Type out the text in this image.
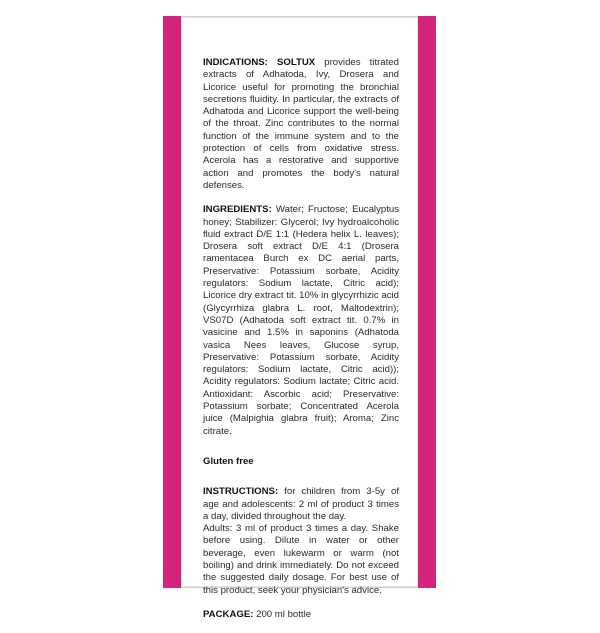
INDICATIONS: SOLTUX provides titrated extracts of Adhatoda, Ivy, Drosera and Licorice useful for promoting the bronchial secretions fluidity. In particular, the extracts of Adhatoda and Licorice support the well-being of the throat. Zinc contributes to the normal function of the immune system and to the protection of cells from oxidative stress. Acerola has a restorative and supportive action and promotes the body's natural defenses.

INGREDIENTS: Water; Fructose; Eucalyptus honey; Stabilizer: Glycerol; Ivy hydroalcoholic fluid extract D/E 1:1 (Hedera helix L. leaves); Drosera soft extract D/E 4:1 (Drosera ramentacea Burch ex DC aerial parts, Preservative: Potassium sorbate, Acidity regulators: Sodium lactate, Citric acid); Licorice dry extract tit. 10% in glycyrrhizic acid (Glycyrrhiza glabra L. root, Maltodextrin); VS07D (Adhatoda soft extract tit. 0.7% in vasicine and 1.5% in saponins (Adhatoda vasica Nees leaves, Glucose syrup, Preservative: Potassium sorbate, Acidity regulators: Sodium lactate, Citric acid)); Acidity regulators: Sodium lactate; Citric acid. Antioxidant: Ascorbic acid; Preservative: Potassium sorbate; Concentrated Acerola juice (Malpighia glabra fruit); Aroma; Zinc citrate.

Gluten free

INSTRUCTIONS: for children from 3-5y of age and adolescents: 2 ml of product 3 times a day, divided throughout the day.

Adults: 3 ml of product 3 times a day. Shake before using. Dilute in water or other beverage, even lukewarm or warm (not boiling) and drink immediately. Do not exceed the suggested daily dosage. For best use of this product, seek your physician's advice.

PACKAGE: 200 ml bottle
